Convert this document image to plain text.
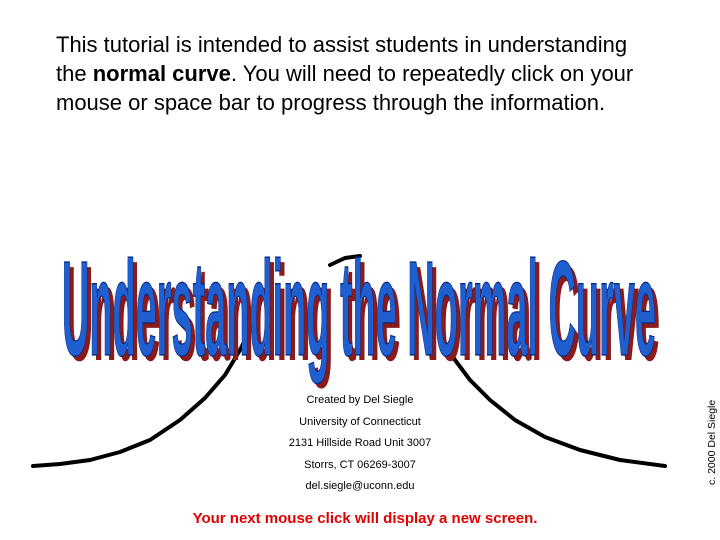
This tutorial is intended to assist students in understanding the normal curve. You will need to repeatedly click on your mouse or space bar to progress through the information.
Understanding the Normal Curve
Understanding the Normal Curve
Created by Del Siegle
University of Connecticut
2131 Hillside Road Unit 3007
Storrs, CT 06269-3007
del.siegle@uconn.edu
Your next mouse click will display a new screen.
c. 2000 Del Siegle
